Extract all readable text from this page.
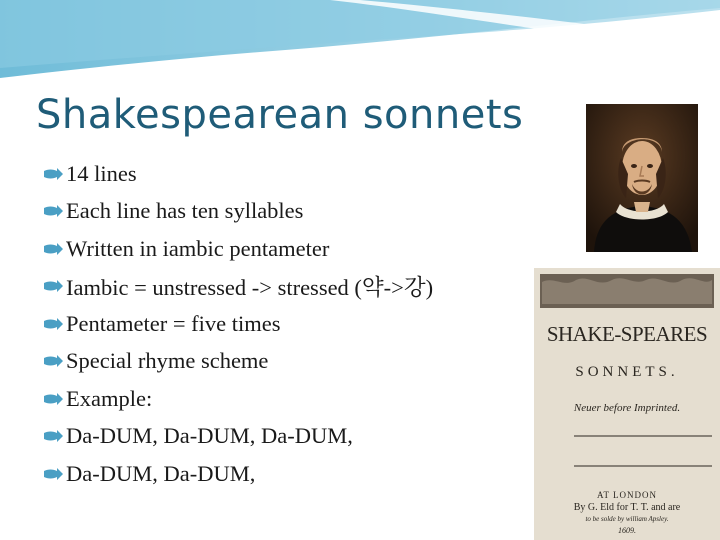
Shakespearean sonnets
14 lines
Each line has ten syllables
Written in iambic pentameter
Iambic = unstressed -> stressed (약->강)
Pentameter = five times
Special rhyme scheme
Example:
Da-DUM, Da-DUM, Da-DUM,
Da-DUM, Da-DUM,
SHAKE-SPEARES
SONNETS.
Neuer before Imprinted.
AT LONDON
By G. Eld for T. T. and are
to be solde by william Apsley.
1609.
